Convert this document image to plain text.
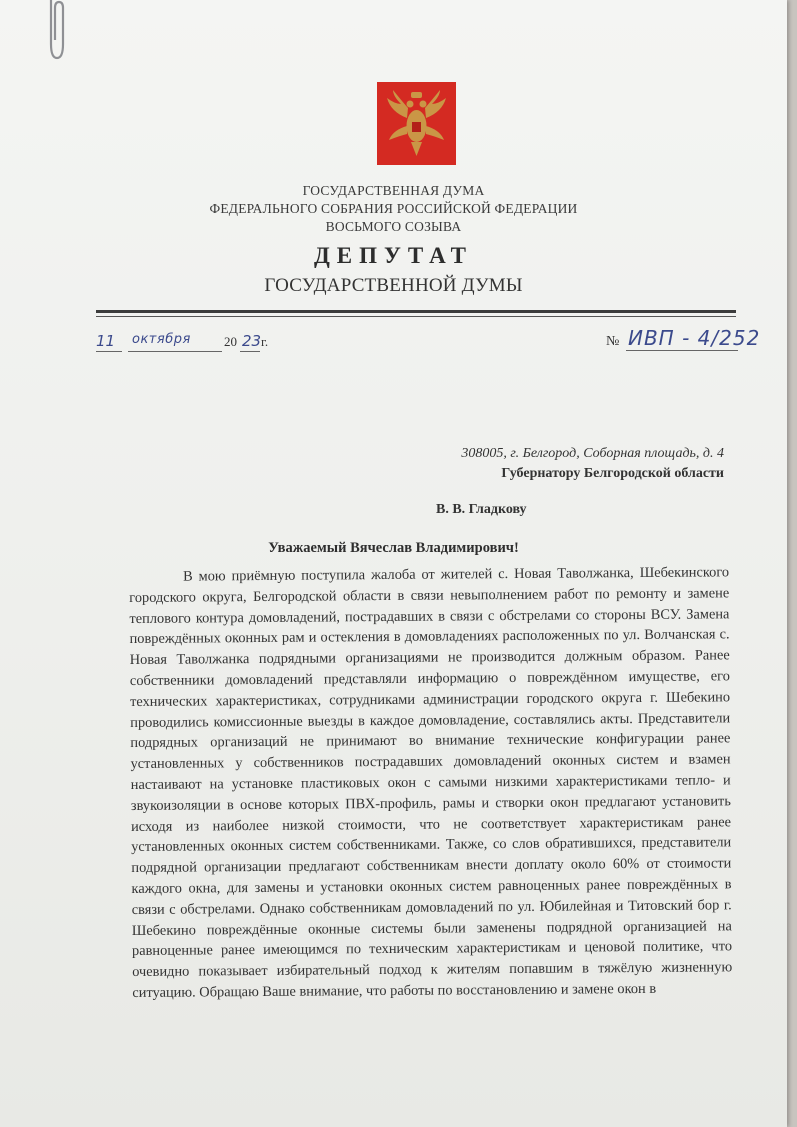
ГОСУДАРСТВЕННАЯ ДУМА
ФЕДЕРАЛЬНОГО СОБРАНИЯ РОССИЙСКОЙ ФЕДЕРАЦИИ
ВОСЬМОГО СОЗЫВА
ДЕПУТАТ
ГОСУДАРСТВЕННОЙ ДУМЫ
11 октября	20 23 г.	№ ИВП - 4/252
308005, г. Белгород, Соборная площадь, д. 4
Губернатору Белгородской области
В. В. Гладкову
Уважаемый Вячеслав Владимирович!
В мою приёмную поступила жалоба от жителей с. Новая Таволжанка, Шебекинского городского округа, Белгородской области в связи невыполнением работ по ремонту и замене теплового контура домовладений, пострадавших в связи с обстрелами со стороны ВСУ. Замена повреждённых оконных рам и остекления в домовладениях расположенных по ул. Волчанская с. Новая Таволжанка подрядными организациями не производится должным образом. Ранее собственники домовладений представляли информацию о повреждённом имуществе, его технических характеристиках, сотрудниками администрации городского округа г. Шебекино проводились комиссионные выезды в каждое домовладение, составлялись акты. Представители подрядных организаций не принимают во внимание технические конфигурации ранее установленных у собственников пострадавших домовладений оконных систем и взамен настаивают на установке пластиковых окон с самыми низкими характеристиками тепло- и звукоизоляции в основе которых ПВХ-профиль, рамы и створки окон предлагают установить исходя из наиболее низкой стоимости, что не соответствует характеристикам ранее установленных оконных систем собственниками. Также, со слов обратившихся, представители подрядной организации предлагают собственникам внести доплату около 60% от стоимости каждого окна, для замены и установки оконных систем равноценных ранее повреждённых в связи с обстрелами. Однако собственникам домовладений по ул. Юбилейная и Титовский бор г. Шебекино повреждённые оконные системы были заменены подрядной организацией на равноценные ранее имеющимся по техническим характеристикам и ценовой политике, что очевидно показывает избирательный подход к жителям попавшим в тяжёлую жизненную ситуацию. Обращаю Ваше внимание, что работы по восстановлению и замене окон в
